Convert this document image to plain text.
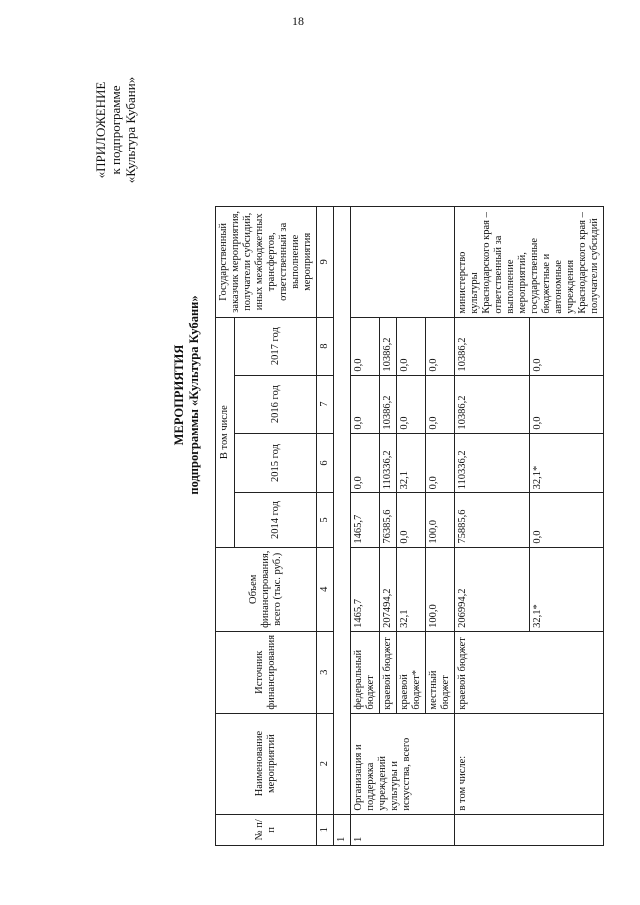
18
«ПРИЛОЖЕНИЕ к подпрограмме «Культура Кубани»
МЕРОПРИЯТИЯ подпрограммы «Культура Кубани»
№ п/п	Наименование мероприятий	Источник финансирования	Объем финансирования, всего (тыс. руб.)	В том числе				Государственный заказчик мероприятия, получатели субсидий, иных межбюджетных трансфертов, ответственный за выполнение мероприятия
				2014 год	2015 год	2016 год	2017 год	
1	2	3	4	5	6	7	8	9
1								
1	Организация и поддержка учреждений культуры и искусства, всего	федеральный бюджет	1465,7	1465,7	0,0	0,0	0,0	
		краевой бюджет	207494,2	76385,6	110336,2	10386,2	10386,2	
		краевой бюджет*	32,1	0,0	32,1	0,0	0,0	
		местный бюджет	100,0	100,0	0,0	0,0	0,0	
	в том числе:	краевой бюджет	206994,2	75885,6	110336,2	10386,2	10386,2	министерство культуры Краснодарского края – ответственный за выполнение мероприятий, государственные бюджетные и автономные учреждения Краснодарского края – получатели субсидий
			32,1*	0,0	32,1*	0,0	0,0	
